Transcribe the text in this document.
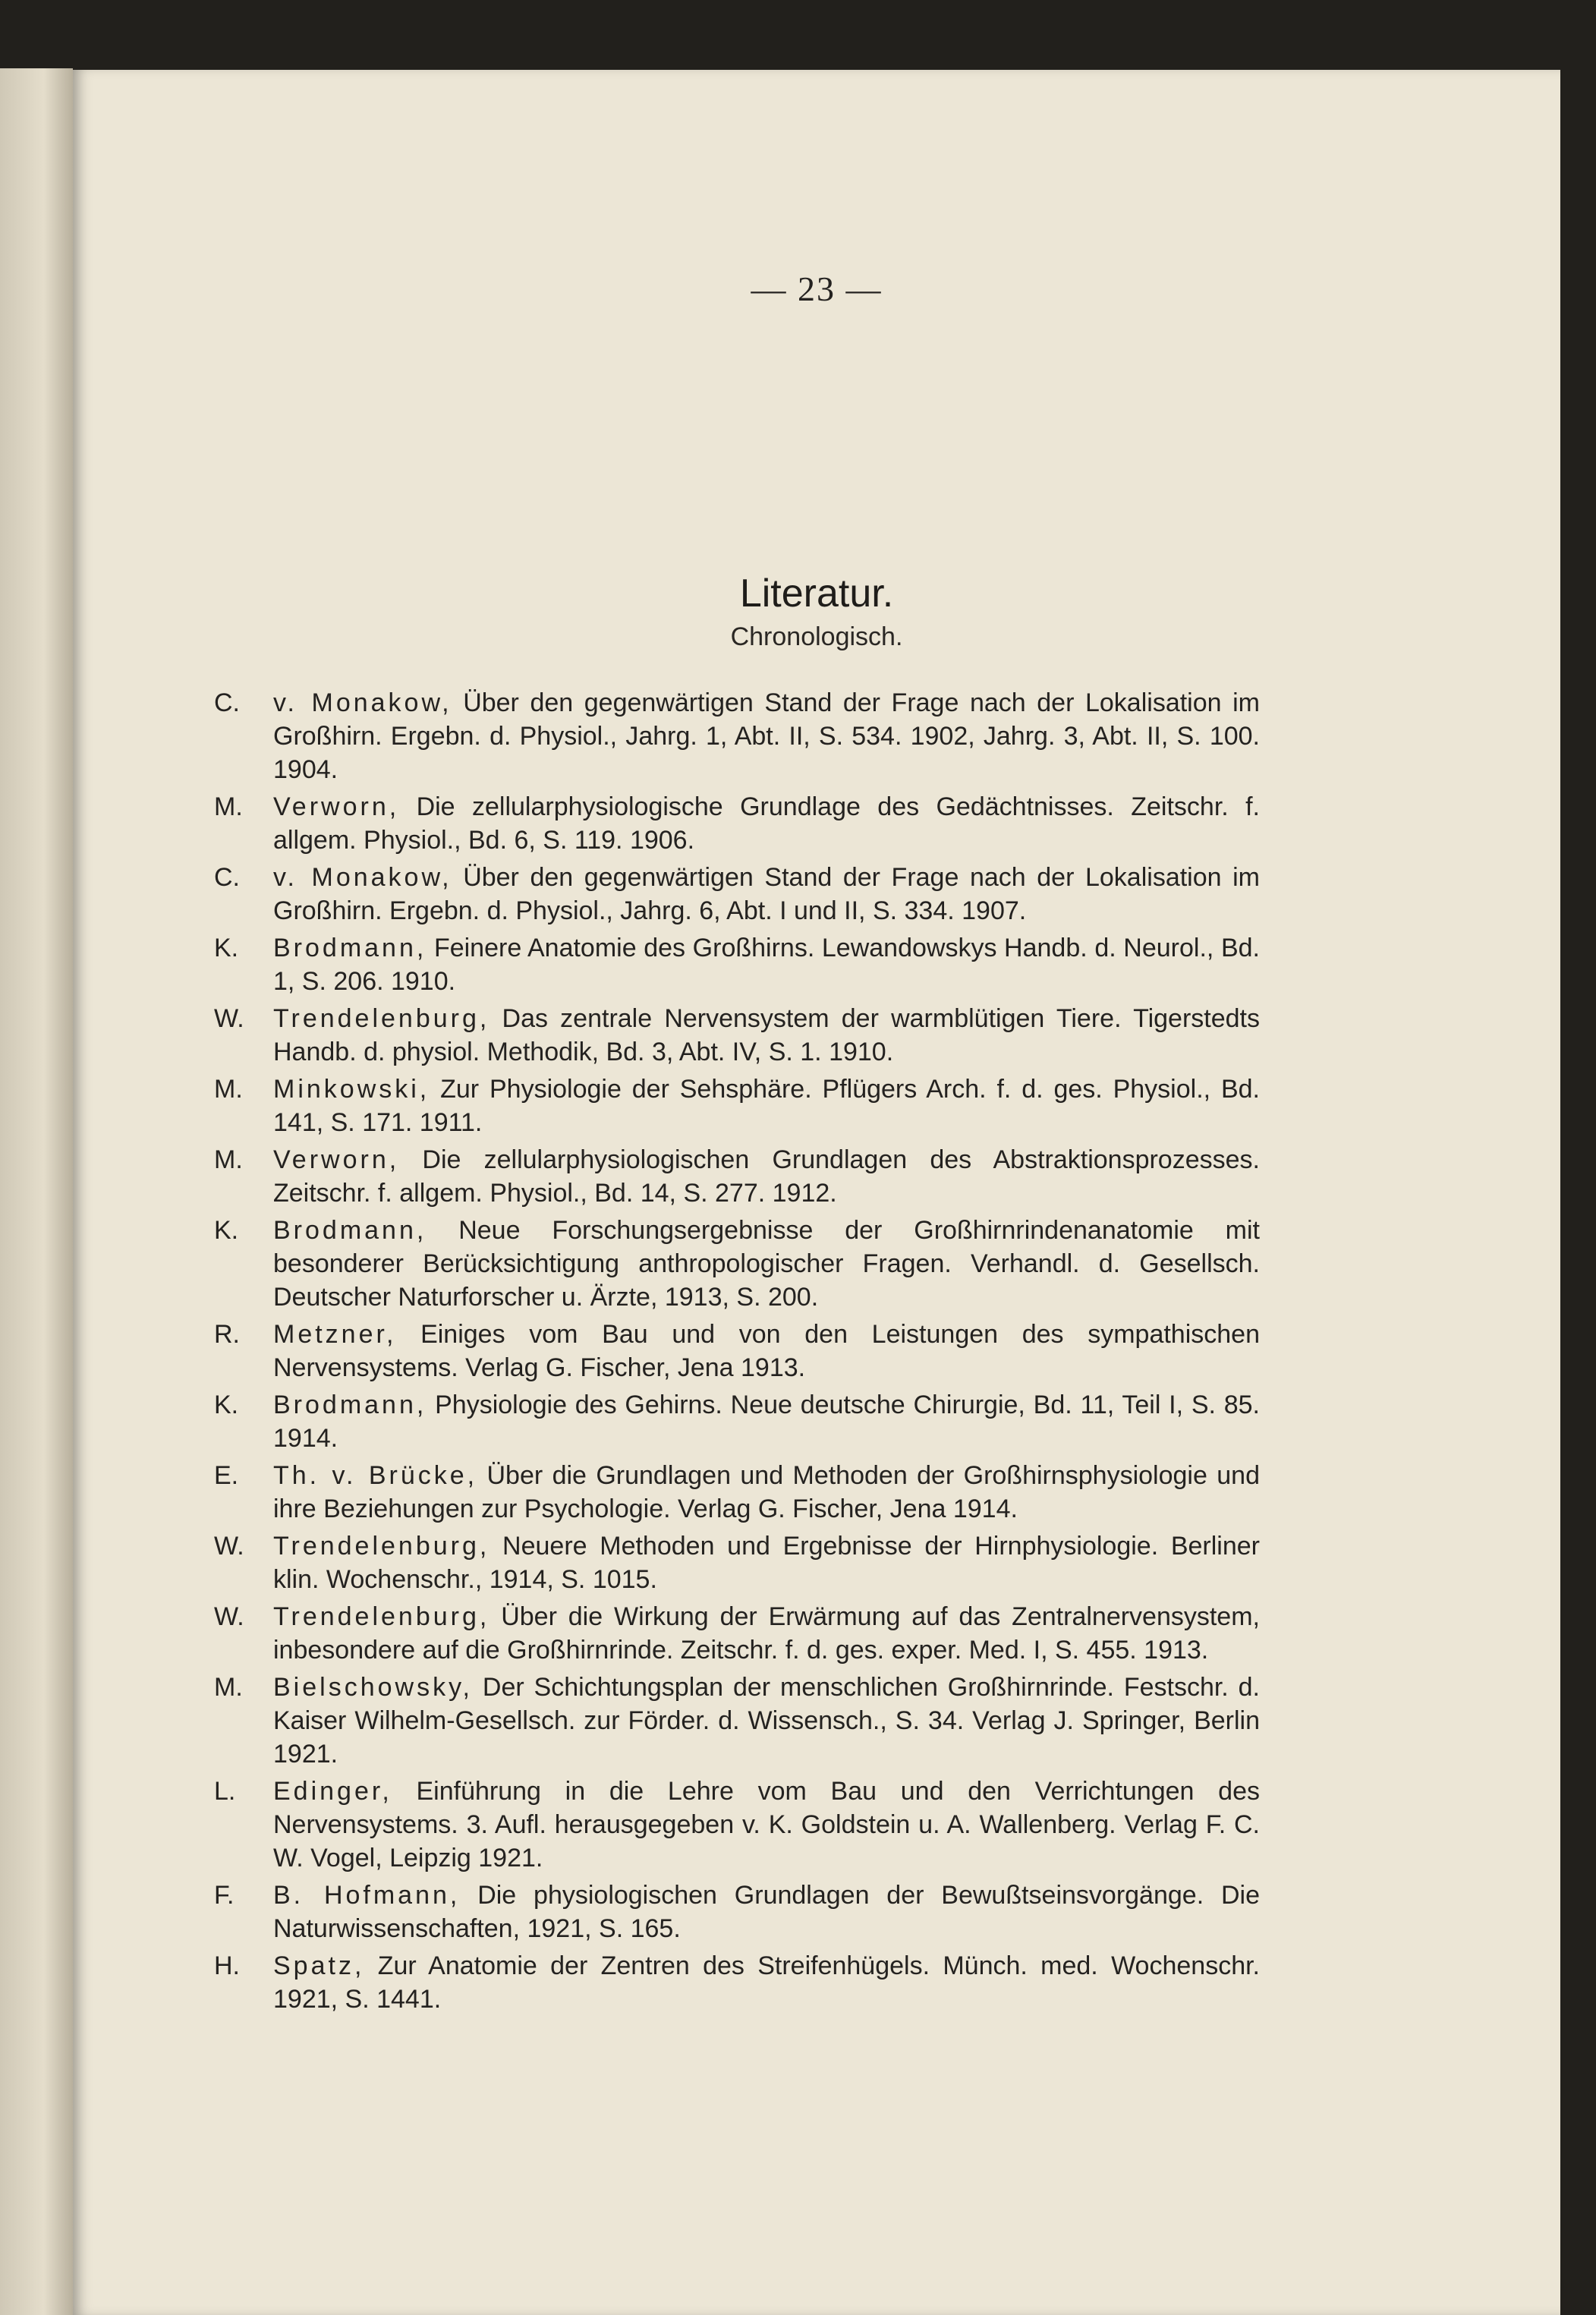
— 23 —
Literatur.
Chronologisch.
C. v. Monakow, Über den gegenwärtigen Stand der Frage nach der Lokalisation im Großhirn. Ergebn. d. Physiol., Jahrg. 1, Abt. II, S. 534. 1902, Jahrg. 3, Abt. II, S. 100. 1904.
M. Verworn, Die zellularphysiologische Grundlage des Gedächtnisses. Zeitschr. f. allgem. Physiol., Bd. 6, S. 119. 1906.
C. v. Monakow, Über den gegenwärtigen Stand der Frage nach der Lokalisation im Großhirn. Ergebn. d. Physiol., Jahrg. 6, Abt. I und II, S. 334. 1907.
K. Brodmann, Feinere Anatomie des Großhirns. Lewandowskys Handb. d. Neurol., Bd. 1, S. 206. 1910.
W. Trendelenburg, Das zentrale Nervensystem der warmblütigen Tiere. Tigerstedts Handb. d. physiol. Methodik, Bd. 3, Abt. IV, S. 1. 1910.
M. Minkowski, Zur Physiologie der Sehsphäre. Pflügers Arch. f. d. ges. Physiol., Bd. 141, S. 171. 1911.
M. Verworn, Die zellularphysiologischen Grundlagen des Abstraktionsprozesses. Zeitschr. f. allgem. Physiol., Bd. 14, S. 277. 1912.
K. Brodmann, Neue Forschungsergebnisse der Großhirnrindenanatomie mit besonderer Berücksichtigung anthropologischer Fragen. Verhandl. d. Gesellsch. Deutscher Naturforscher u. Ärzte, 1913, S. 200.
R. Metzner, Einiges vom Bau und von den Leistungen des sympathischen Nervensystems. Verlag G. Fischer, Jena 1913.
K. Brodmann, Physiologie des Gehirns. Neue deutsche Chirurgie, Bd. 11, Teil I, S. 85. 1914.
E. Th. v. Brücke, Über die Grundlagen und Methoden der Großhirnsphysiologie und ihre Beziehungen zur Psychologie. Verlag G. Fischer, Jena 1914.
W. Trendelenburg, Neuere Methoden und Ergebnisse der Hirnphysiologie. Berliner klin. Wochenschr., 1914, S. 1015.
W. Trendelenburg, Über die Wirkung der Erwärmung auf das Zentralnervensystem, inbesondere auf die Großhirnrinde. Zeitschr. f. d. ges. exper. Med. I, S. 455. 1913.
M. Bielschowsky, Der Schichtungsplan der menschlichen Großhirnrinde. Festschr. d. Kaiser Wilhelm-Gesellsch. zur Förder. d. Wissensch., S. 34. Verlag J. Springer, Berlin 1921.
L. Edinger, Einführung in die Lehre vom Bau und den Verrichtungen des Nervensystems. 3. Aufl. herausgegeben v. K. Goldstein u. A. Wallenberg. Verlag F. C. W. Vogel, Leipzig 1921.
F. B. Hofmann, Die physiologischen Grundlagen der Bewußtseinsvorgänge. Die Naturwissenschaften, 1921, S. 165.
H. Spatz, Zur Anatomie der Zentren des Streifenhügels. Münch. med. Wochenschr. 1921, S. 1441.
